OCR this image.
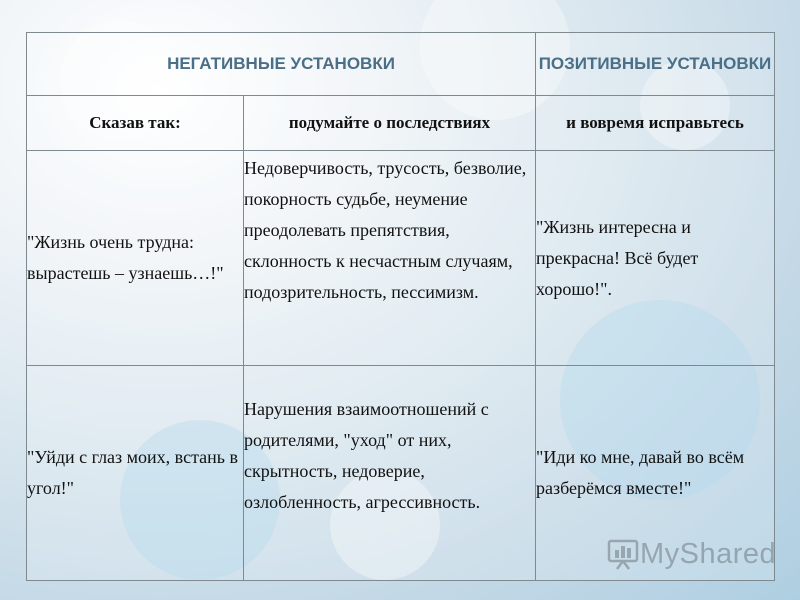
НЕГАТИВНЫЕ УСТАНОВКИ		ПОЗИТИВНЫЕ УСТАНОВКИ
Сказав так:	подумайте о последствиях	и вовремя исправьтесь
"Жизнь очень трудна: вырастешь – узнаешь…!"	Недоверчивость, трусость, безволие, покорность судьбе, неумение преодолевать препятствия, склонность к несчастным случаям, подозрительность, пессимизм.	"Жизнь интересна и прекрасна! Всё будет хорошо!".
"Уйди с глаз моих, встань в угол!"	Нарушения взаимоотношений с родителями, "уход" от них, скрытность, недоверие, озлобленность, агрессивность.	"Иди ко мне, давай во всём разберёмся вместе!"
MyShared
